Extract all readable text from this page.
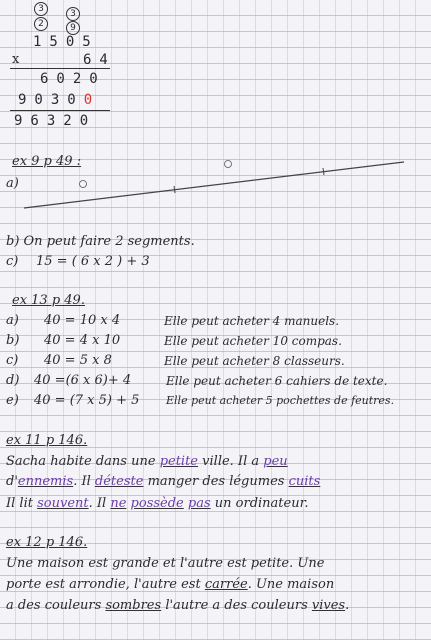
3
2
3
9
1505
x	64
6020
90300
96320
ex 9 p 49 :
a)
b) On peut faire 2 segments.
c) 15 = ( 6 x 2 ) + 3
ex 13 p 49.
a) 40 = 10 x 4	Elle peut acheter 4 manuels.
b) 40 = 4 x 10	Elle peut acheter 10 compas.
c) 40 = 5 x 8	Elle peut acheter 8 classeurs.
d) 40 =(6 x 6)+ 4	Elle peut acheter 6 cahiers de texte.
e) 40 = (7 x 5) + 5 Elle peut acheter 5 pochettes de feutres.
ex 11 p 146.
Sacha habite dans une petite ville. Il a peu
d'ennemis. Il déteste manger des légumes cuits
Il lit souvent. Il ne possède pas un ordinateur.
ex 12 p 146.
Une maison est grande et l'autre est petite. Une
porte est arrondie, l'autre est carrée. Une maison
a des couleurs sombres l'autre a des couleurs vives.
